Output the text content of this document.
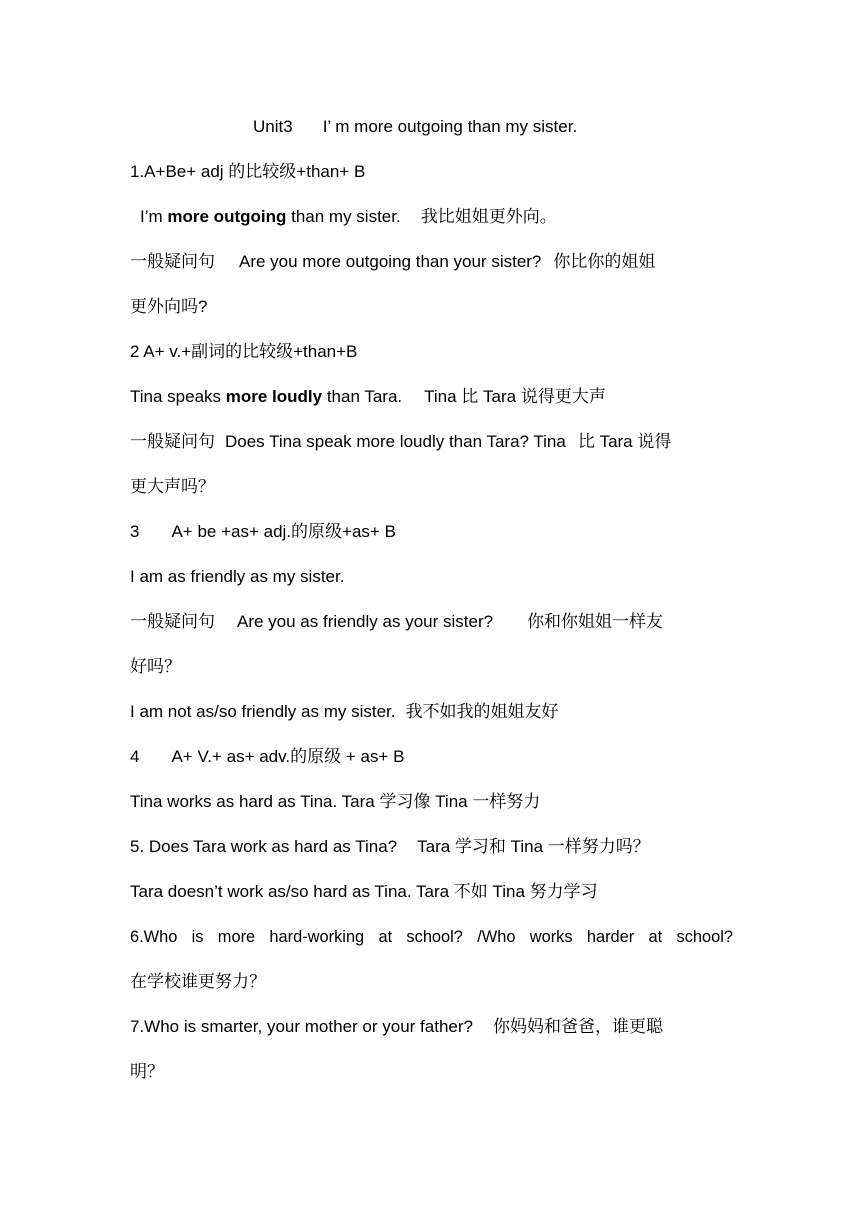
Unit3 I’ m more outgoing than my sister.
1.A+Be+ adj 的比较级+than+ B
I’m more outgoing than my sister. 我比姐姐更外向。
一般疑问句 Are you more outgoing than your sister? 你比你的姐姐
更外向吗?
2 A+ v.+副词的比较级+than+B
Tina speaks more loudly than Tara. Tina 比 Tara 说得更大声
一般疑问句 Does Tina speak more loudly than Tara? Tina 比 Tara 说得
更大声吗？
3 A+ be +as+ adj.的原级+as+ B
I am as friendly as my sister.
一般疑问句 Are you as friendly as your sister? 你和你姐姐一样友
好吗？
I am not as/so friendly as my sister. 我不如我的姐姐友好
4 A+ V.+ as+ adv.的原级 + as+ B
Tina works as hard as Tina. Tara 学习像 Tina 一样努力
5. Does Tara work as hard as Tina? Tara 学习和 Tina 一样努力吗？
Tara doesn’t work as/so hard as Tina. Tara 不如 Tina 努力学习
6.Who is more hard-working at school? /Who works harder at school?
在学校谁更努力？
7.Who is smarter, your mother or your father? 你妈妈和爸爸，谁更聪
明？
